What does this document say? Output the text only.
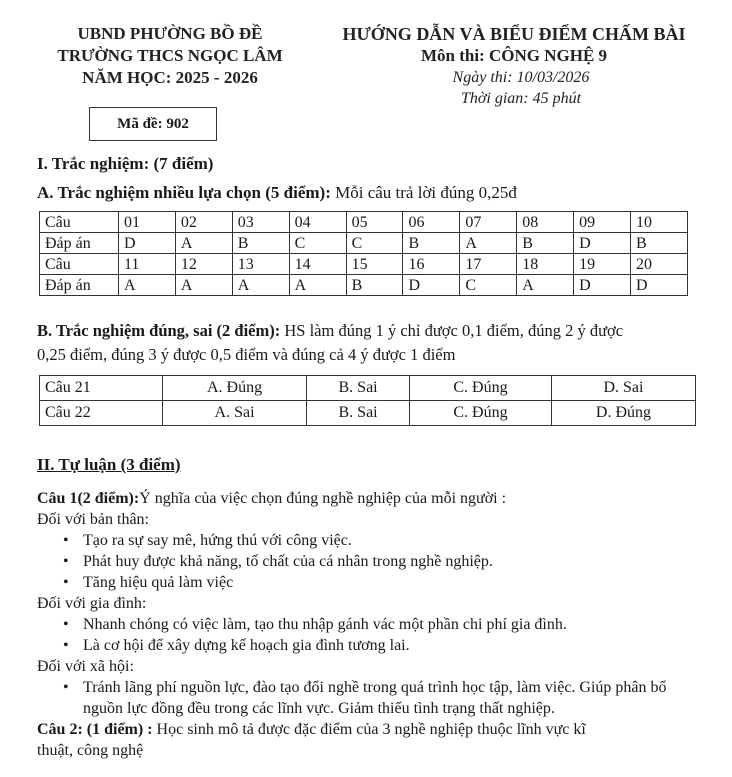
UBND PHƯỜNG BỒ ĐỀ
TRƯỜNG THCS NGỌC LÂM
NĂM HỌC: 2025 - 2026
HƯỚNG DẪN VÀ BIỂU ĐIỂM CHẤM BÀI
Môn thi: CÔNG NGHỆ 9
Ngày thi: 10/03/2026
Thời gian: 45 phút
Mã đề: 902
I. Trắc nghiệm: (7 điểm)
A. Trắc nghiệm nhiều lựa chọn (5 điểm): Mỗi câu trả lời đúng 0,25đ
Câu	01	02	03	04	05	06	07	08	09	10
Đáp án	D	A	B	C	C	B	A	B	D	B
Câu	11	12	13	14	15	16	17	18	19	20
Đáp án	A	A	A	A	B	D	C	A	D	D
B. Trắc nghiệm đúng, sai (2 điểm): HS làm đúng 1 ý chỉ được 0,1 điểm, đúng 2 ý được
0,25 điểm, đúng 3 ý được 0,5 điểm và đúng cả 4 ý được 1 điểm
Câu 21	A. Đúng	B. Sai	C. Đúng	D. Sai
Câu 22	A. Sai	B. Sai	C. Đúng	D. Đúng
II. Tự luận (3 điểm)
Câu 1(2 điểm):Ý nghĩa của việc chọn đúng nghề nghiệp của mỗi người :
Đối với bản thân:
• Tạo ra sự say mê, hứng thú với công việc.
• Phát huy được khả năng, tố chất của cá nhân trong nghề nghiệp.
• Tăng hiệu quả làm việc
Đối với gia đình:
• Nhanh chóng có việc làm, tạo thu nhập gánh vác một phần chi phí gia đình.
• Là cơ hội để xây dựng kế hoạch gia đình tương lai.
Đối với xã hội:
• Tránh lãng phí nguồn lực, đào tạo đổi nghề trong quá trình học tập, làm việc. Giúp phân bổ nguồn lực đồng đều trong các lĩnh vực. Giảm thiểu tình trạng thất nghiệp.
Câu 2: (1 điểm) : Học sinh mô tả được đặc điểm của 3 nghề nghiệp thuộc lĩnh vực kĩ
thuật, công nghệ
